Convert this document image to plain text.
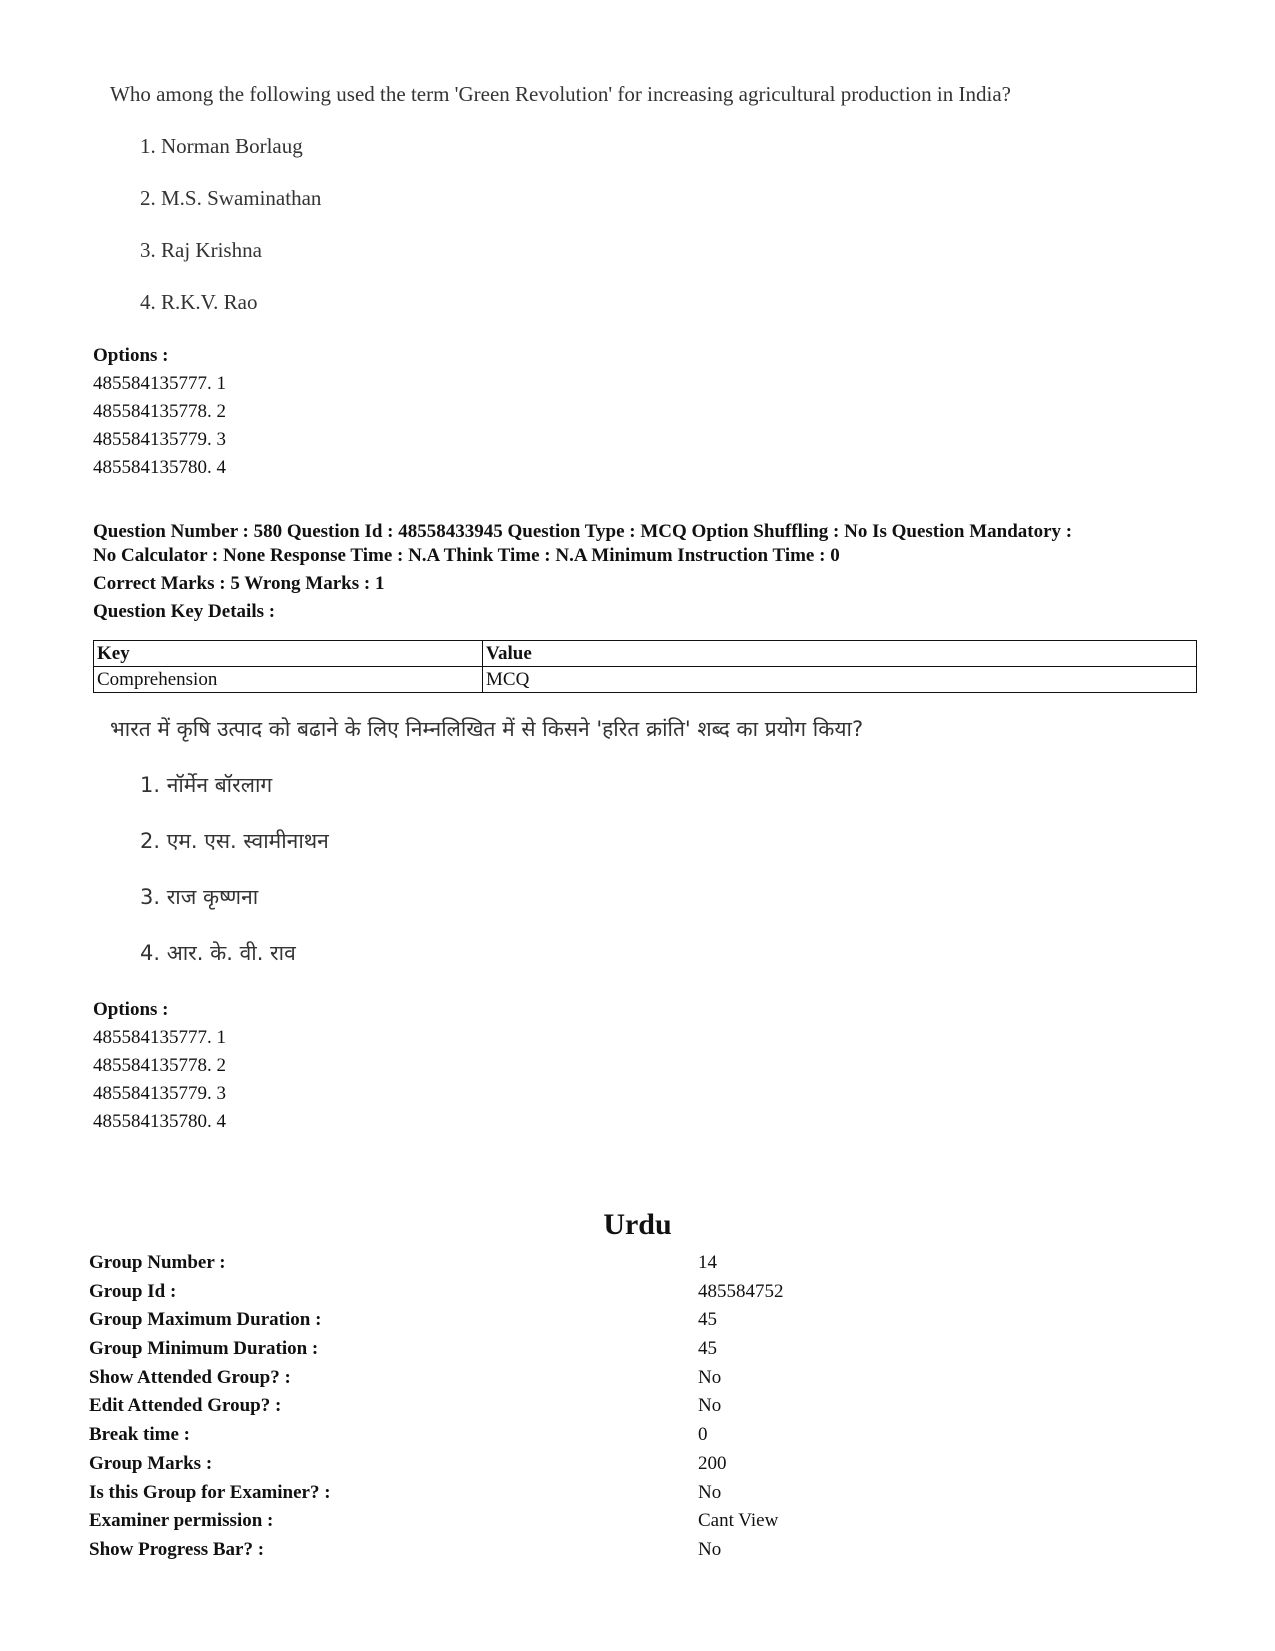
Who among the following used the term 'Green Revolution' for increasing agricultural production in India?
1. Norman Borlaug
2. M.S. Swaminathan
3. Raj Krishna
4. R.K.V. Rao
Options :
485584135777. 1
485584135778. 2
485584135779. 3
485584135780. 4
Question Number : 580 Question Id : 48558433945 Question Type : MCQ Option Shuffling : No Is Question Mandatory :
No Calculator : None Response Time : N.A Think Time : N.A Minimum Instruction Time : 0
Correct Marks : 5 Wrong Marks : 1
Question Key Details :
Key	Value
Comprehension	MCQ
भारत में कृषि उत्पाद को बढाने के लिए निम्नलिखित में से किसने 'हरित क्रांति' शब्द का प्रयोग किया?
1. नॉर्मेन बॉरलाग
2. एम. एस. स्वामीनाथन
3. राज कृष्णना
4. आर. के. वी. राव
Options :
485584135777. 1
485584135778. 2
485584135779. 3
485584135780. 4
Urdu
Group Number :	14
Group Id :	485584752
Group Maximum Duration :	45
Group Minimum Duration :	45
Show Attended Group? :	No
Edit Attended Group? :	No
Break time :	0
Group Marks :	200
Is this Group for Examiner? :	No
Examiner permission :	Cant View
Show Progress Bar? :	No
